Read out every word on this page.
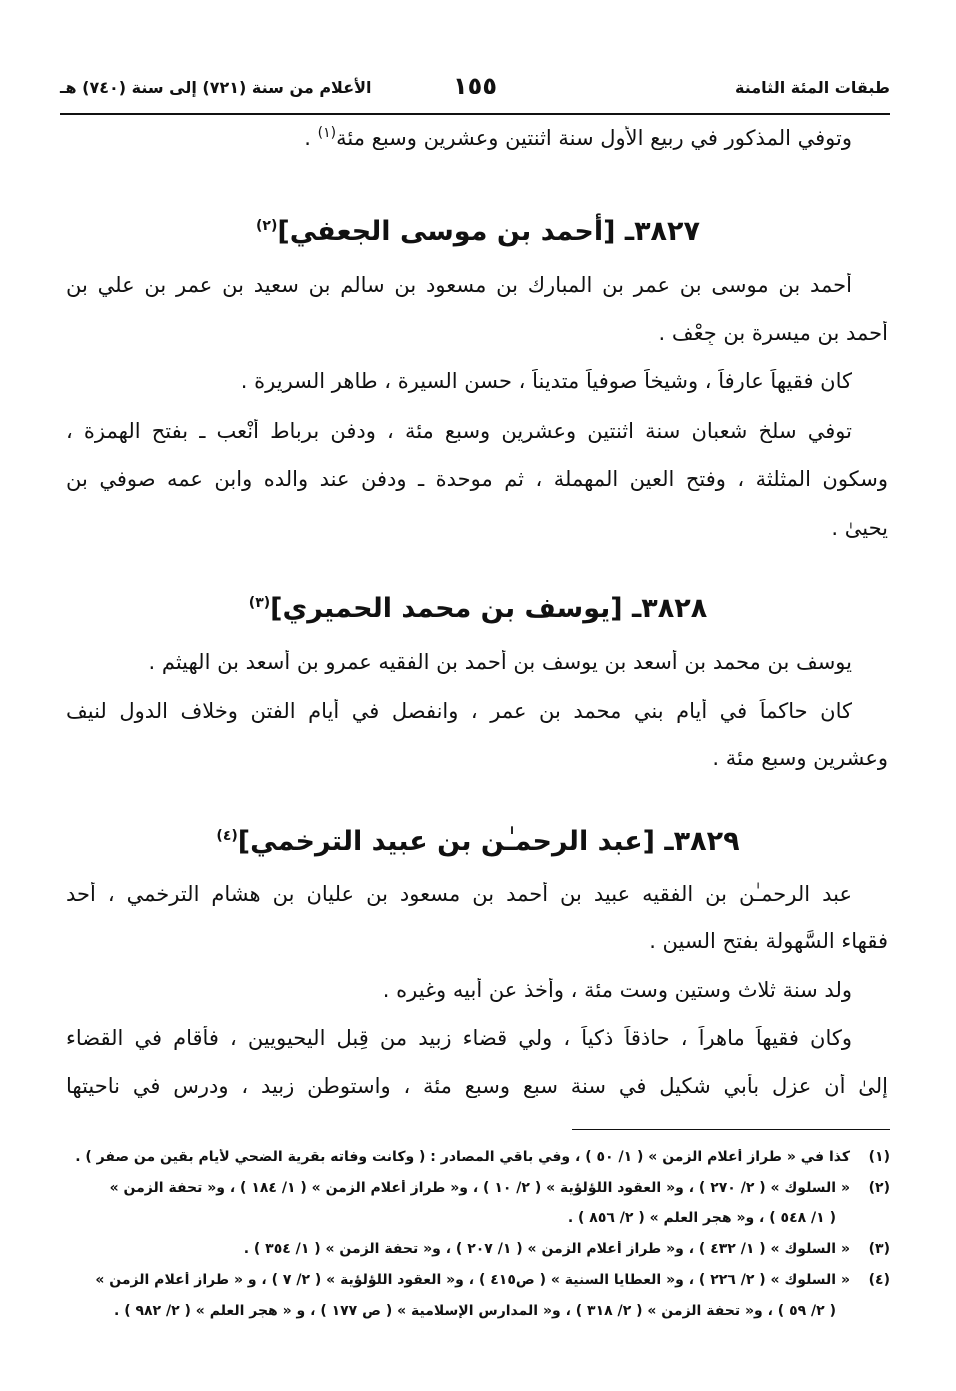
طبقات المئة الثامنة
١٥٥
الأعلام من سنة (٧٢١) إلى سنة (٧٤٠) هـ
وتوفي المذكور في ربيع الأول سنة اثنتين وعشرين وسبع مئة$^{(١)}$ .
٣٨٢٧ـ [أحمد بن موسى الجعفي]$^{(٢)}$
أحمد بن موسى بن عمر بن المبارك بن مسعود بن سالم بن سعيد بن عمر بن علي بن
أحمد بن ميسرة بن جِعْف .
كان فقيهاً عارفاً ، وشيخاً صوفياً متديناً ، حسن السيرة ، طاهر السريرة .
توفي سلخ شعبان سنة اثنتين وعشرين وسبع مئة ، ودفن برباط أَنْعب ـ بفتح الهمزة ،
وسكون المثلثة ، وفتح العين المهملة ، ثم موحدة ـ ودفن عند والده وابن عمه صوفي بن
يحيىٰ .
٣٨٢٨ـ [يوسف بن محمد الحميري]$^{(٣)}$
يوسف بن محمد بن أسعد بن يوسف بن أحمد بن الفقيه عمرو بن أسعد بن الهيثم .
كان حاكماً في أيام بني محمد بن عمر ، وانفصل في أيام الفتن وخلاف الدول لنيف
وعشرين وسبع مئة .
٣٨٢٩ـ [عبد الرحمـٰن بن عبيد الترخمي]$^{(٤)}$
عبد الرحمـٰن بن الفقيه عبيد بن أحمد بن مسعود بن عليان بن هشام الترخمي ، أحد
فقهاء السَّهولة بفتح السين .
ولد سنة ثلاث وستين وست مئة ، وأخذ عن أبيه وغيره .
وكان فقيهاً ماهراً ، حاذقاً ذكياً ، ولي قضاء زبيد من قِبل اليحيويين ، فأقام في القضاء
إلىٰ أن عزل بأبي شكيل في سنة سبع وسبع مئة ، واستوطن زبيد ، ودرس في ناحيتها
(١)كذا في « طراز أعلام الزمن » ( ١/ ٥٠ ) ، وفي باقي المصادر : ( وكانت وفاته بقرية الضحي لأيام بقين من صفر ) .
(٢)« السلوك » ( ٢/ ٢٧٠ ) ، و« العقود اللؤلؤية » ( ٢/ ١٠ ) ، و« طراز أعلام الزمن » ( ١/ ١٨٤ ) ، و« تحفة الزمن »
( ١/ ٥٤٨ ) ، و« هجر العلم » ( ٢/ ٨٥٦ ) .
(٣)« السلوك » ( ١/ ٤٣٢ ) ، و« طراز أعلام الزمن » ( ١/ ٢٠٧ ) ، و« تحفة الزمن » ( ١/ ٣٥٤ ) .
(٤)« السلوك » ( ٢/ ٢٢٦ ) ، و« العطايا السنية » ( ص٤١٥ ) ، و« العقود اللؤلؤية » ( ٢/ ٧ ) ، و « طراز أعلام الزمن »
( ٢/ ٥٩ ) ، و« تحفة الزمن » ( ٢/ ٣١٨ ) ، و« المدارس الإسلامية » ( ص ١٧٧ ) ، و « هجر العلم » ( ٢/ ٩٨٢ ) .
